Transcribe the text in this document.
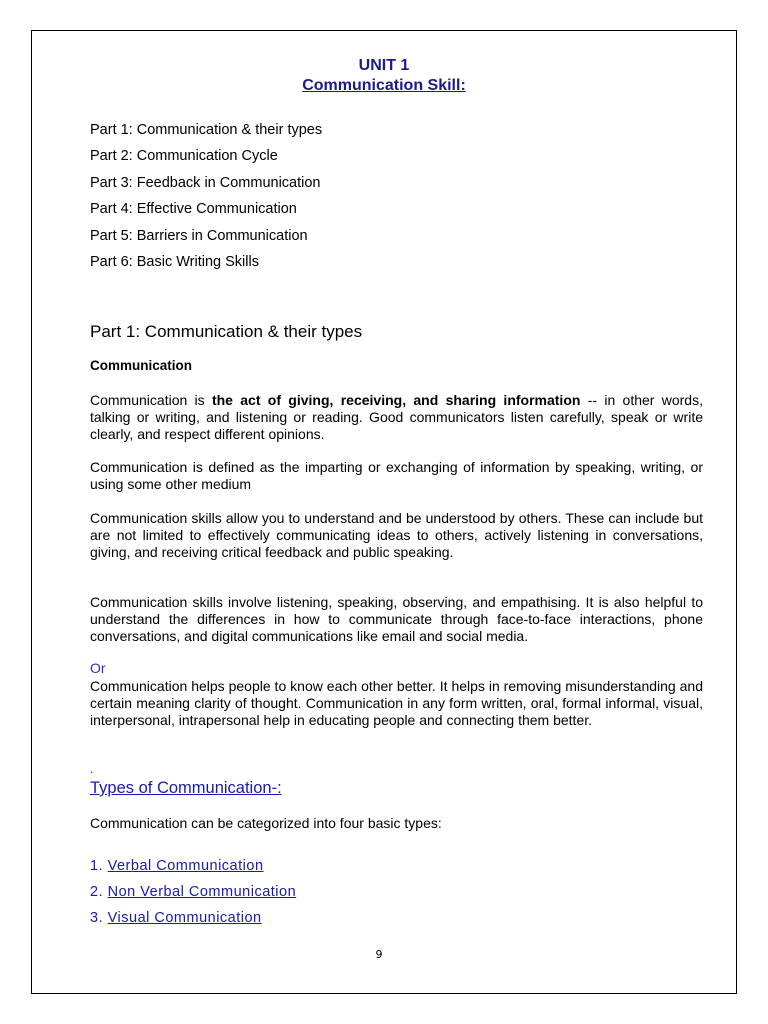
UNIT 1
Communication Skill:
Part 1: Communication & their types
Part 2: Communication Cycle
Part 3: Feedback in Communication
Part 4: Effective Communication
Part 5: Barriers in Communication
Part 6: Basic Writing Skills
Part 1: Communication & their types
Communication

Communication is the act of giving, receiving, and sharing information -- in other words, talking or writing, and listening or reading. Good communicators listen carefully, speak or write clearly, and respect different opinions.

Communication is defined as the imparting or exchanging of information by speaking, writing, or using some other medium

Communication skills allow you to understand and be understood by others. These can include but are not limited to effectively communicating ideas to others, actively listening in conversations, giving, and receiving critical feedback and public speaking.

Communication skills involve listening, speaking, observing, and empathising. It is also helpful to understand the differences in how to communicate through face-to-face interactions, phone conversations, and digital communications like email and social media.

Or

Communication helps people to know each other better. It helps in removing misunderstanding and certain meaning clarity of thought. Communication in any form written, oral, formal informal, visual, interpersonal, intrapersonal help in educating people and connecting them better.

.

Types of Communication-:

Communication can be categorized into four basic types:

1. Verbal Communication
2. Non Verbal Communication
3. Visual Communication
9
